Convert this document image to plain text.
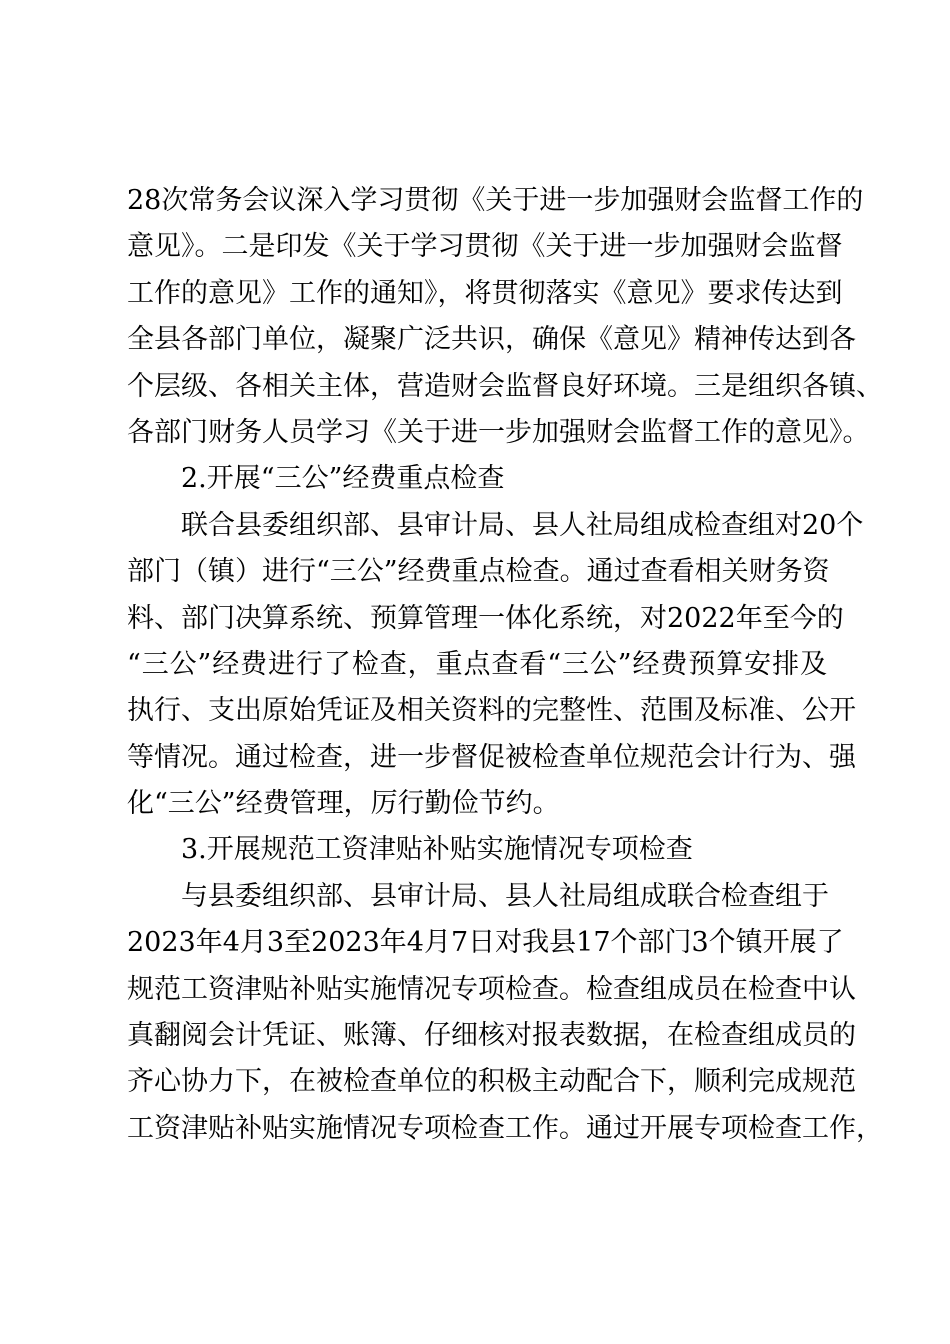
28次常务会议深入学习贯彻《关于进一步加强财会监督工作的
意见》。二是印发《关于学习贯彻《关于进一步加强财会监督
工作的意见》工作的通知》，将贯彻落实《意见》要求传达到
全县各部门单位，凝聚广泛共识，确保《意见》精神传达到各
个层级、各相关主体，营造财会监督良好环境。三是组织各镇、
各部门财务人员学习《关于进一步加强财会监督工作的意见》。
2.开展“三公”经费重点检查
联合县委组织部、县审计局、县人社局组成检查组对20个
部门（镇）进行“三公”经费重点检查。通过查看相关财务资
料、部门决算系统、预算管理一体化系统，对2022年至今的
“三公”经费进行了检查，重点查看“三公”经费预算安排及
执行、支出原始凭证及相关资料的完整性、范围及标准、公开
等情况。通过检查，进一步督促被检查单位规范会计行为、强
化“三公”经费管理，厉行勤俭节约。
3.开展规范工资津贴补贴实施情况专项检查
与县委组织部、县审计局、县人社局组成联合检查组于
2023年4月3至2023年4月7日对我县17个部门3个镇开展了
规范工资津贴补贴实施情况专项检查。检查组成员在检查中认
真翻阅会计凭证、账簿、仔细核对报表数据，在检查组成员的
齐心协力下，在被检查单位的积极主动配合下，顺利完成规范
工资津贴补贴实施情况专项检查工作。通过开展专项检查工作，
